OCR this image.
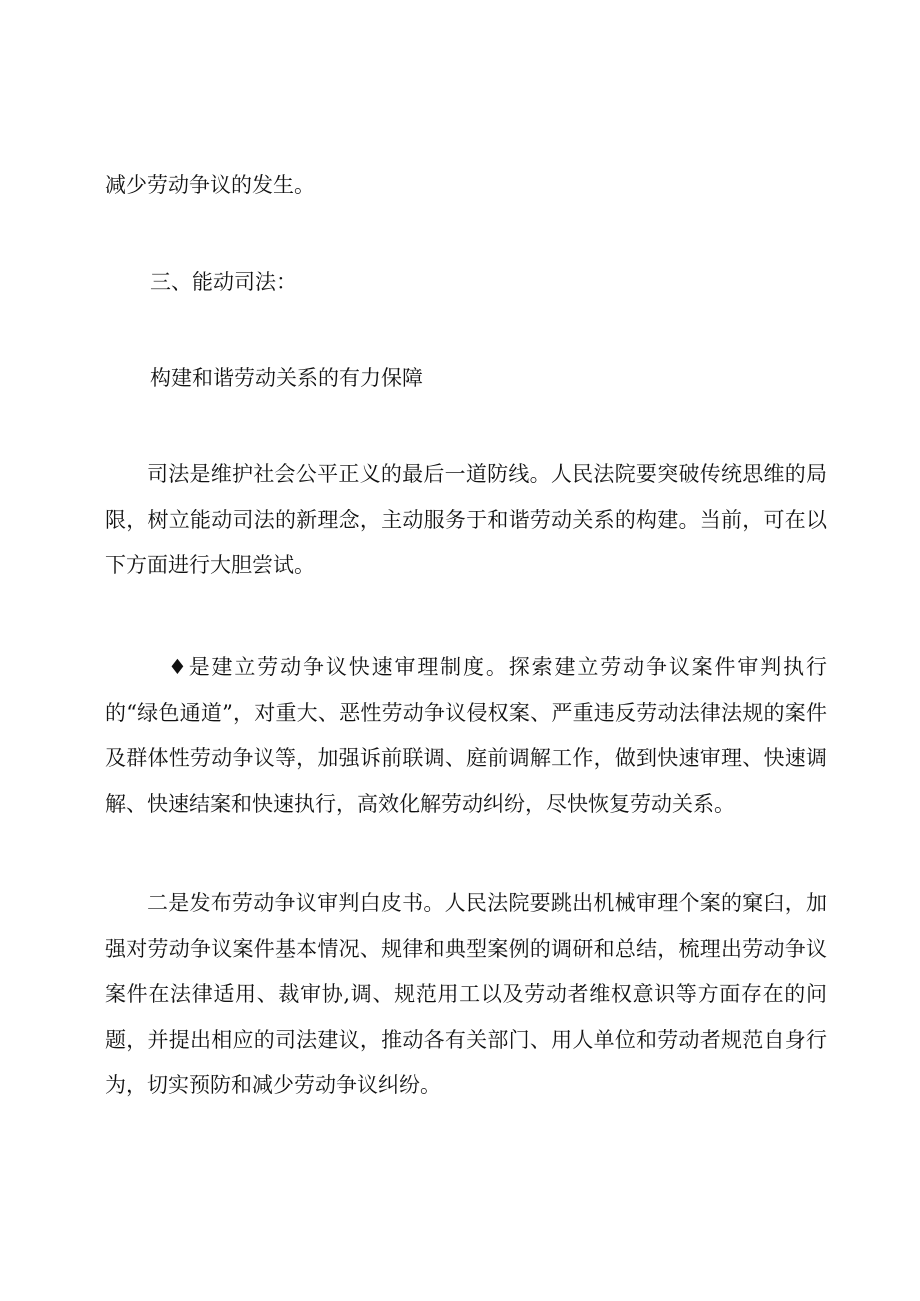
减少劳动争议的发生。

三、能动司法：

构建和谐劳动关系的有力保障

司法是维护社会公平正义的最后一道防线。人民法院要突破传统思维的局限，树立能动司法的新理念，主动服务于和谐劳动关系的构建。当前，可在以下方面进行大胆尝试。

♦是建立劳动争议快速审理制度。探索建立劳动争议案件审判执行的“绿色通道”，对重大、恶性劳动争议侵权案、严重违反劳动法律法规的案件及群体性劳动争议等，加强诉前联调、庭前调解工作，做到快速审理、快速调解、快速结案和快速执行，高效化解劳动纠纷，尽快恢复劳动关系。

二是发布劳动争议审判白皮书。人民法院要跳出机械审理个案的窠臼，加强对劳动争议案件基本情况、规律和典型案例的调研和总结，梳理出劳动争议案件在法律适用、裁审协,调、规范用工以及劳动者维权意识等方面存在的问题，并提出相应的司法建议，推动各有关部门、用人单位和劳动者规范自身行为，切实预防和减少劳动争议纠纷。
